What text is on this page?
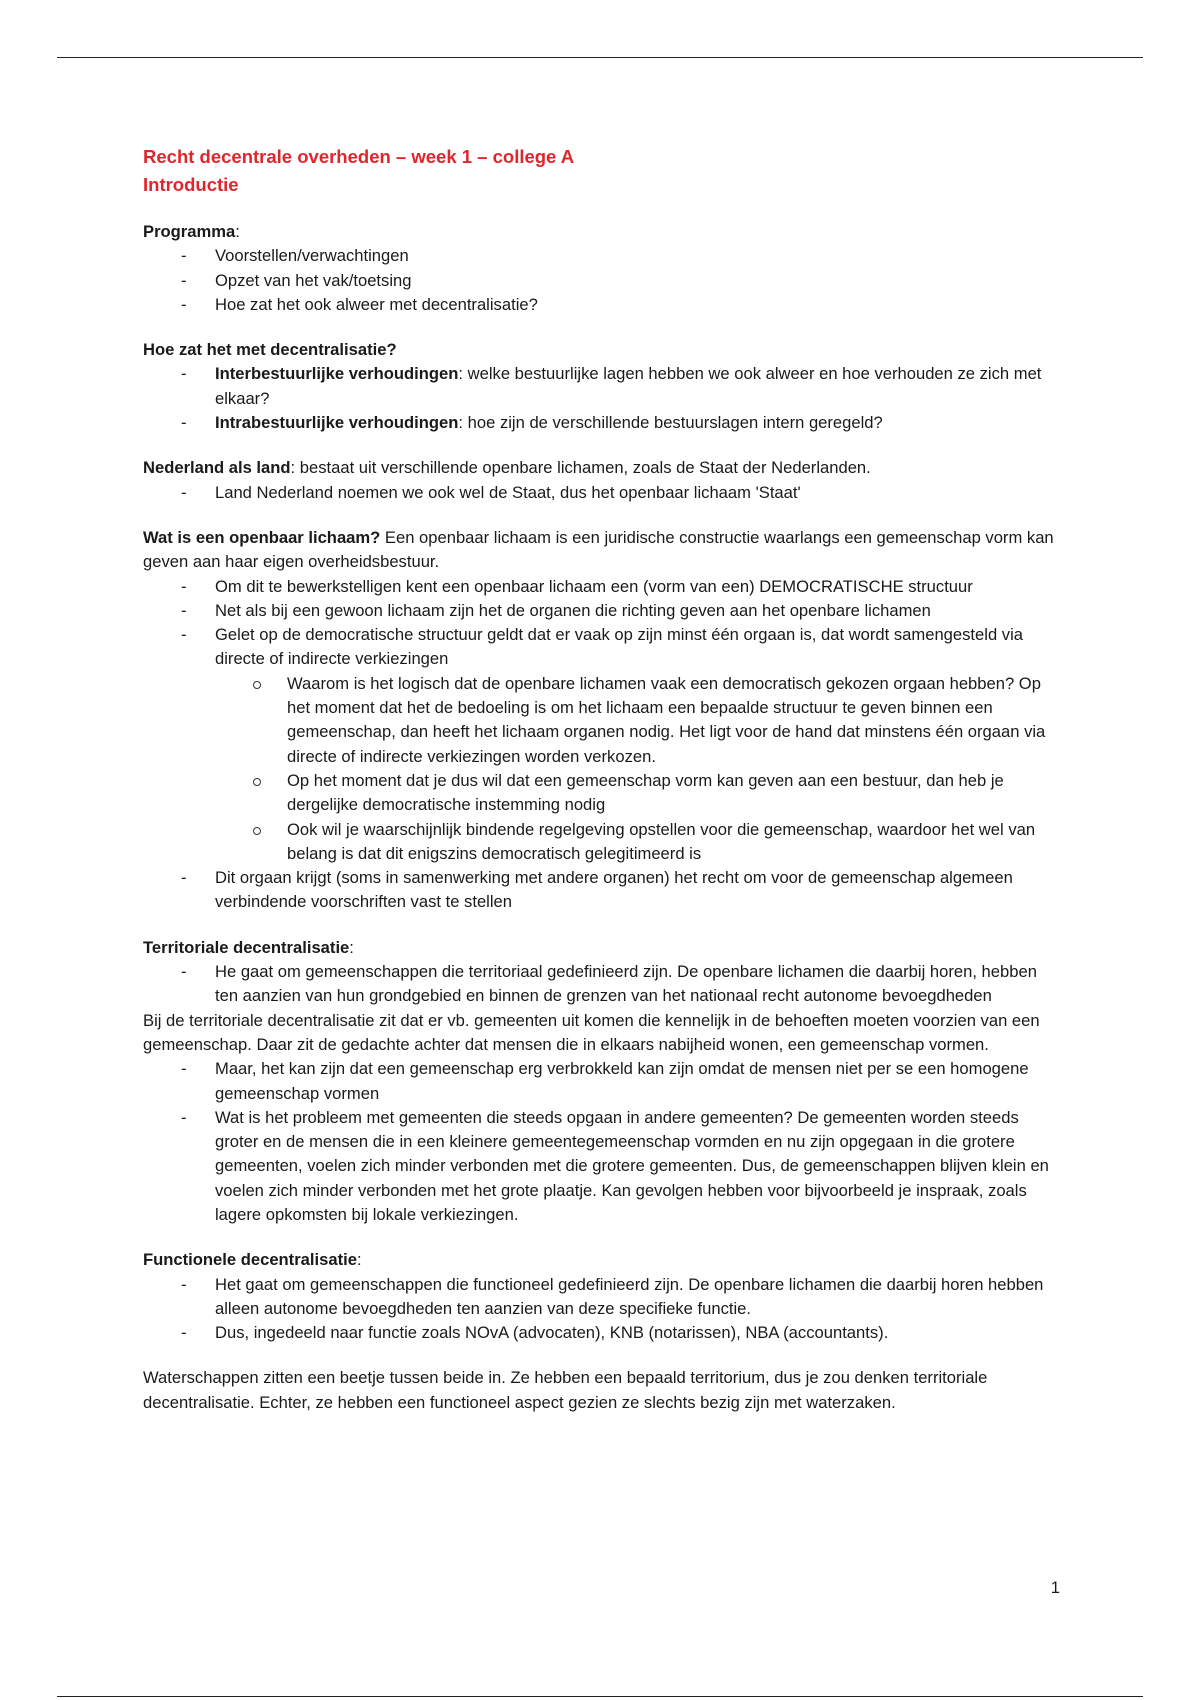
Recht decentrale overheden – week 1 – college A
Introductie
Programma:
- Voorstellen/verwachtingen
- Opzet van het vak/toetsing
- Hoe zat het ook alweer met decentralisatie?
Hoe zat het met decentralisatie?
- Interbestuurlijke verhoudingen: welke bestuurlijke lagen hebben we ook alweer en hoe verhouden ze zich met elkaar?
- Intrabestuurlijke verhoudingen: hoe zijn de verschillende bestuurslagen intern geregeld?
Nederland als land: bestaat uit verschillende openbare lichamen, zoals de Staat der Nederlanden.
- Land Nederland noemen we ook wel de Staat, dus het openbaar lichaam 'Staat'
Wat is een openbaar lichaam? Een openbaar lichaam is een juridische constructie waarlangs een gemeenschap vorm kan geven aan haar eigen overheidsbestuur.
- Om dit te bewerkstelligen kent een openbaar lichaam een (vorm van een) DEMOCRATISCHE structuur
- Net als bij een gewoon lichaam zijn het de organen die richting geven aan het openbare lichamen
- Gelet op de democratische structuur geldt dat er vaak op zijn minst één orgaan is, dat wordt samengesteld via directe of indirecte verkiezingen
Waarom is het logisch dat de openbare lichamen vaak een democratisch gekozen orgaan hebben? Op het moment dat het de bedoeling is om het lichaam een bepaalde structuur te geven binnen een gemeenschap, dan heeft het lichaam organen nodig. Het ligt voor de hand dat minstens één orgaan via directe of indirecte verkiezingen worden verkozen.
Op het moment dat je dus wil dat een gemeenschap vorm kan geven aan een bestuur, dan heb je dergelijke democratische instemming nodig
Ook wil je waarschijnlijk bindende regelgeving opstellen voor die gemeenschap, waardoor het wel van belang is dat dit enigszins democratisch gelegitimeerd is
- Dit orgaan krijgt (soms in samenwerking met andere organen) het recht om voor de gemeenschap algemeen verbindende voorschriften vast te stellen
Territoriale decentralisatie:
- He gaat om gemeenschappen die territoriaal gedefinieerd zijn. De openbare lichamen die daarbij horen, hebben ten aanzien van hun grondgebied en binnen de grenzen van het nationaal recht autonome bevoegdheden
Bij de territoriale decentralisatie zit dat er vb. gemeenten uit komen die kennelijk in de behoeften moeten voorzien van een gemeenschap. Daar zit de gedachte achter dat mensen die in elkaars nabijheid wonen, een gemeenschap vormen.
- Maar, het kan zijn dat een gemeenschap erg verbrokkeld kan zijn omdat de mensen niet per se een homogene gemeenschap vormen
- Wat is het probleem met gemeenten die steeds opgaan in andere gemeenten? De gemeenten worden steeds groter en de mensen die in een kleinere gemeentegemeenschap vormden en nu zijn opgegaan in die grotere gemeenten, voelen zich minder verbonden met die grotere gemeenten. Dus, de gemeenschappen blijven klein en voelen zich minder verbonden met het grote plaatje. Kan gevolgen hebben voor bijvoorbeeld je inspraak, zoals lagere opkomsten bij lokale verkiezingen.
Functionele decentralisatie:
- Het gaat om gemeenschappen die functioneel gedefinieerd zijn. De openbare lichamen die daarbij horen hebben alleen autonome bevoegdheden ten aanzien van deze specifieke functie.
- Dus, ingedeeld naar functie zoals NOvA (advocaten), KNB (notarissen), NBA (accountants).
Waterschappen zitten een beetje tussen beide in. Ze hebben een bepaald territorium, dus je zou denken territoriale decentralisatie. Echter, ze hebben een functioneel aspect gezien ze slechts bezig zijn met waterzaken.
1
